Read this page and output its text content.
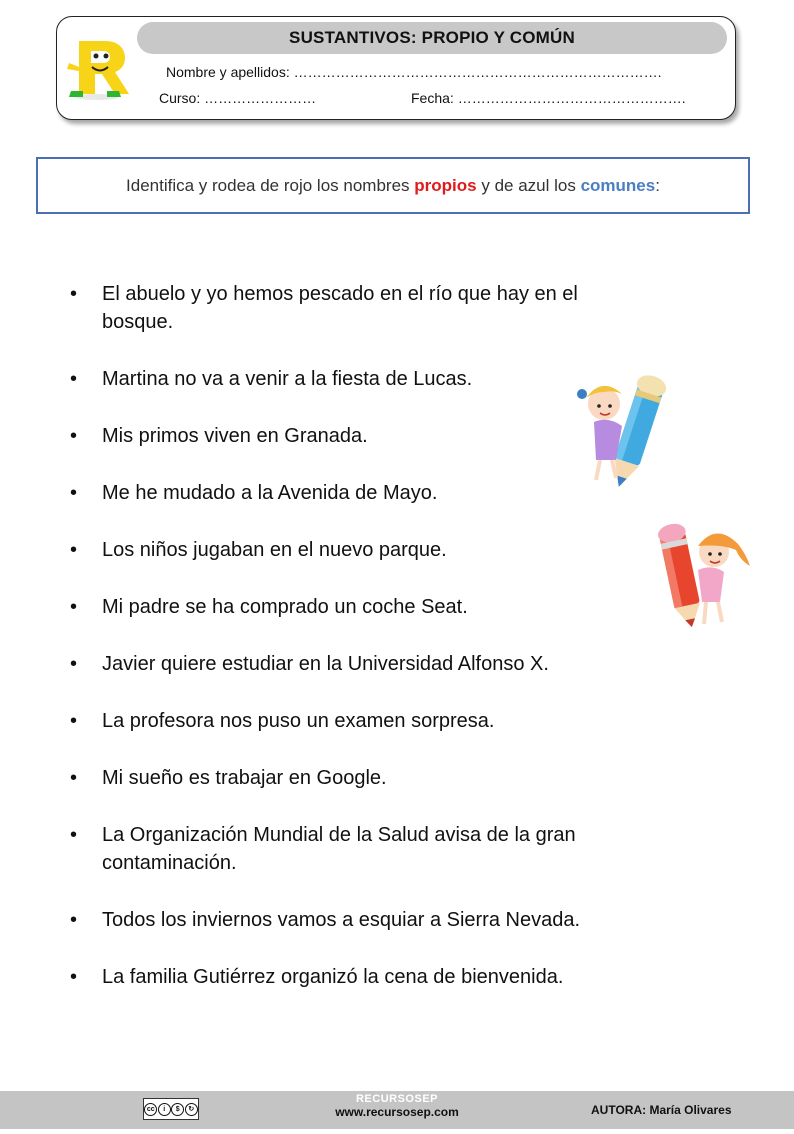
SUSTANTIVOS: PROPIO Y COMÚN
Nombre y apellidos: …………………………………………………………………….
Curso: ……………………	Fecha: ………………………………………….
Identifica y rodea de rojo los nombres
propios
y de azul los
comunes :
• El abuelo y yo hemos pescado en el río que hay en el bosque.
• Martina no va a venir a la fiesta de Lucas.
• Mis primos viven en Granada.
• Me he mudado a la Avenida de Mayo.
• Los niños jugaban en el nuevo parque.
• Mi padre se ha comprado un coche Seat.
• Javier quiere estudiar en la Universidad Alfonso X.
• La profesora nos puso un examen sorpresa.
• Mi sueño es trabajar en Google.
• La Organización Mundial de la Salud avisa de la gran contaminación.
• Todos los inviernos vamos a esquiar a Sierra Nevada.
• La familia Gutiérrez organizó la cena de bienvenida.
cc	i	$	↻
RECURSOSEP
www.recursosep.com	AUTORA: María Olivares
